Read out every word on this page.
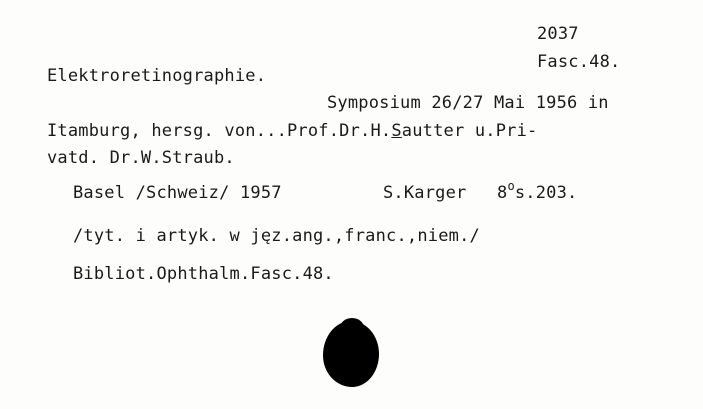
2037
Fasc.48.
Elektroretinographie.
Symposium 26/27 Mai 1956 in
Itamburg, hersg. von...Prof.Dr.H.Sautter u.Pri-
vatd. Dr.W.Straub.
Basel /Schweiz/ 1957	S.Karger 8$^o$s.203.
/tyt. i artyk. w jęz.ang.,franc.,niem./
Bibliot.Ophthalm.Fasc.48.
